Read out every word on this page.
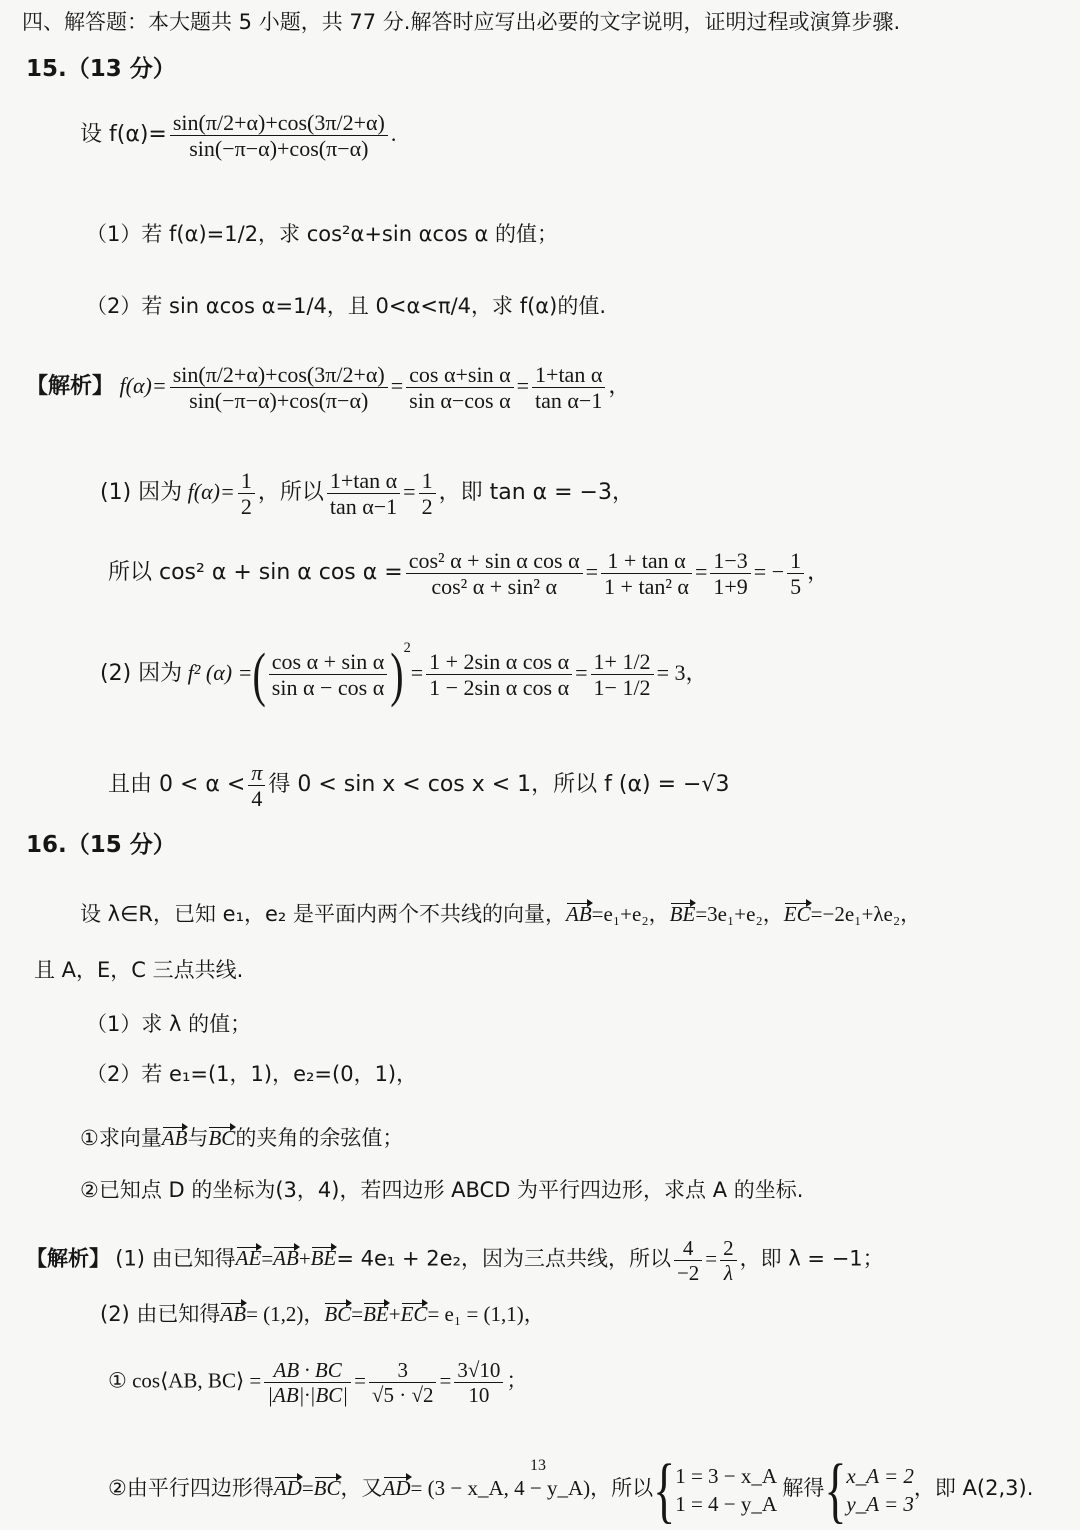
四、解答题：本大题共 5 小题，共 77 分.解答时应写出必要的文字说明，证明过程或演算步骤.
15.（13 分）
设 $f(\alpha)= \frac{\sin(\pi/2+\alpha)+\cos(3\pi/2+\alpha)}{\sin(-\pi-\alpha)+\cos(\pi-\alpha)}$ .
（1）若 f(α)=1/2，求 cos²α+sin αcos α 的值；
（2）若 sin αcos α=1/4，且 0<α<π/4，求 f(α)的值.
【解析】 $f(\alpha)= \frac{\sin(\pi/2+\alpha)+\cos(3\pi/2+\alpha)}{\sin(-\pi-\alpha)+\cos(\pi-\alpha)} = \frac{\text{cos α+sin α}}{\text{sin α−cos α}} = \frac{\text{1+tan α}}{\text{tan α−1}}$ ，
(1) 因为 $f(\alpha)= \frac{1}{2}$ ，所以 $\frac{\text{1+tan α}}{\text{tan α−1}} = \frac{1}{2}$ ，即 tan α = −3，
所以 cos² α + sin α $\cos \alpha = \frac{\text{cos² α + sin α cos α}}{\text{cos² α + sin² α}} = \frac{\text{1 + tan α}}{\text{1 + tan² α}} = \frac{1-3}{1+9}$ = − $\frac{1}{5}$ ，
(2) 因为 f² (α) =( $\frac{\text{cos α + sin α}}{\text{sin α − cos α}} )^2= \frac{\text{1 + 2sin α cos α}}{\text{1 − 2sin α cos α}} = \frac{1+ 1/2}{1- 1/2} = 3$，
且由 $0 < \alpha < \frac{\pi}{4}$ 得 0 < sin x < cos x < 1，所以 f (α) = −√3
16.（15 分）
设 λ∈R，已知 e₁，e₂ 是平面内两个不共线的向量，AB=e₁+e₂，BE=3e₁+e₂，EC=−2e₁+λe₂，
且 A，E，C 三点共线.
（1）求 λ 的值；
（2）若 e₁=(1，1)，e₂=(0，1)，
①求向量AB与BC的夹角的余弦值；
②已知点 D 的坐标为(3，4)，若四边形 ABCD 为平行四边形，求点 A 的坐标.
【解析】 (1) 由已知得AE=AB+BE= 4e₁ + 2e₂，因为三点共线，所以 $\frac{4}{-2} = \frac{2}{\lambda}$ ，即 λ = −1；
(2) 由已知得AB= (1,2)，BC=BE+EC= e₁ = (1,1)，
① cos⟨AB, BC⟩ = $\frac{AB \cdot BC}{|AB|\cdot|BC|} = \frac{3}{√5 \cdot √2} = \frac{3√10}{10}$ ；
13
②由平行四边形得AD=BC，又AD= (3 − x_A, 4 − y_A)，所以{ 1 = 3 − x_A
1 = 4 − y_A
解得{ x_A = 2
y_A = 3
，即 A(2,3).
